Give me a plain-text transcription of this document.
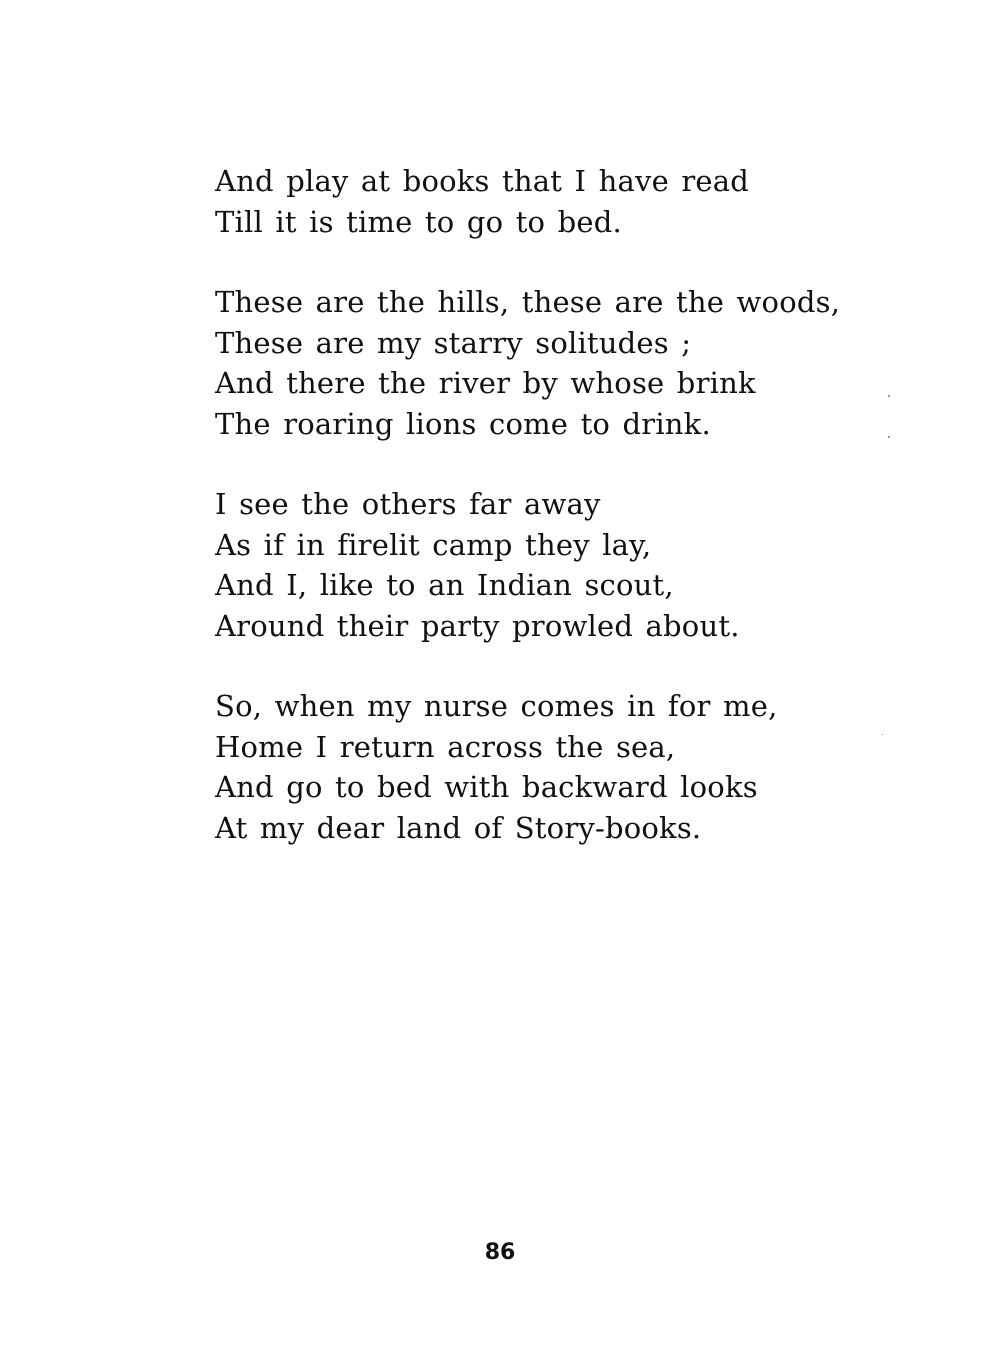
And play at books that I have read
Till it is time to go to bed.
These are the hills, these are the woods,
These are my starry solitudes ;
And there the river by whose brink
The roaring lions come to drink.
I see the others far away
As if in firelit camp they lay,
And I, like to an Indian scout,
Around their party prowled about.
So, when my nurse comes in for me,
Home I return across the sea,
And go to bed with backward looks
At my dear land of Story-books.
86
